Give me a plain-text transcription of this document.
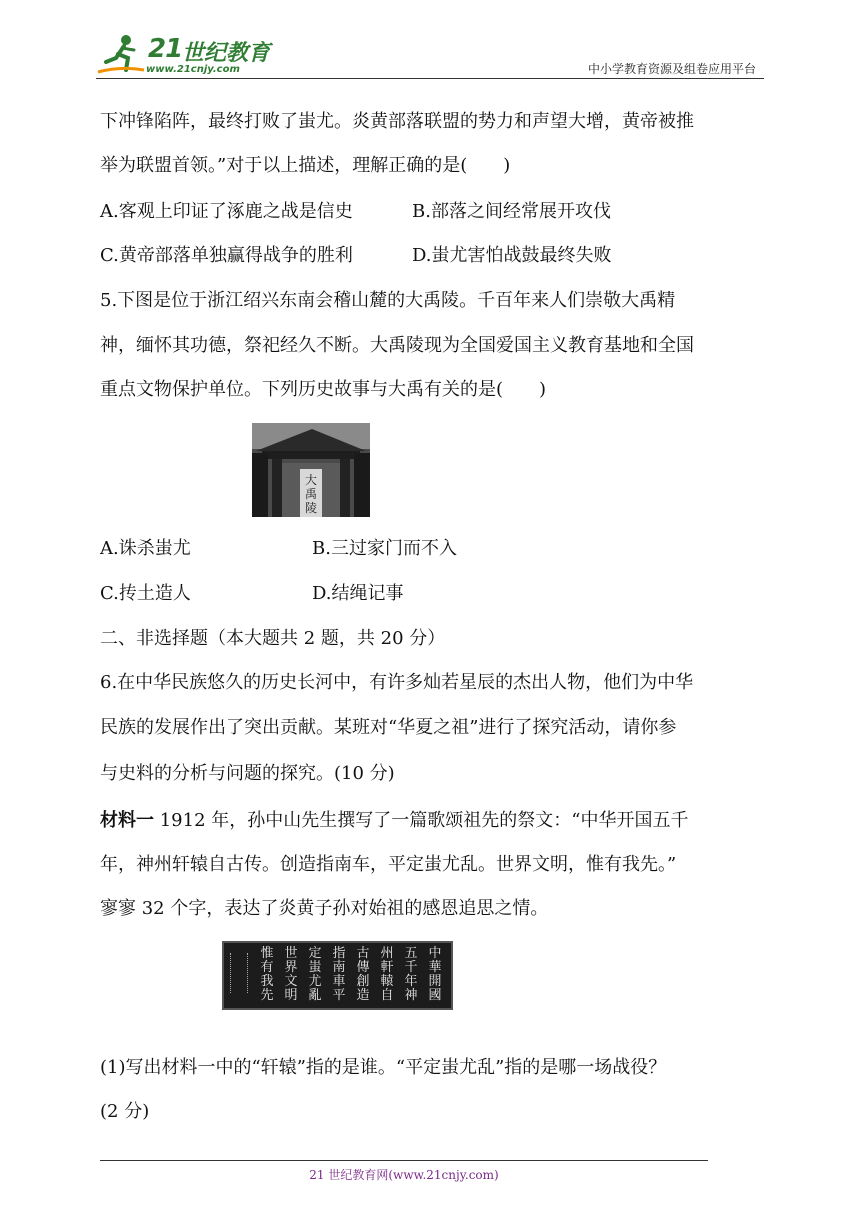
21 世纪教育
www.21cnjy.com	中小学教育资源及组卷应用平台
下冲锋陷阵，最终打败了蚩尤。炎黄部落联盟的势力和声望大增，黄帝被推
举为联盟首领。”对于以上描述，理解正确的是(　　)
A.客观上印证了涿鹿之战是信史	B.部落之间经常展开攻伐
C.黄帝部落单独赢得战争的胜利	D.蚩尤害怕战鼓最终失败
5.下图是位于浙江绍兴东南会稽山麓的大禹陵。千百年来人们崇敬大禹精
神，缅怀其功德，祭祀经久不断。大禹陵现为全国爱国主义教育基地和全国
重点文物保护单位。下列历史故事与大禹有关的是(　　)
大禹陵
A.诛杀蚩尤	B.三过家门而不入
C.抟土造人	D.结绳记事
二、非选择题（本大题共 2 题，共 20 分）
6.在中华民族悠久的历史长河中，有许多灿若星辰的杰出人物，他们为中华
民族的发展作出了突出贡献。某班对“华夏之祖”进行了探究活动，请你参
与史料的分析与问题的探究。(10 分)
材料一 1912 年，孙中山先生撰写了一篇歌颂祖先的祭文：“中华开国五千
年，神州轩辕自古传。创造指南车，平定蚩尤乱。世界文明，惟有我先。”
寥寥 32 个字，表达了炎黄子孙对始祖的感恩追思之情。
中華開國
五千年神
州軒轅自
古傳創造
指南車平
定蚩尤亂
世界文明
惟有我先
(1)写出材料一中的“轩辕”指的是谁。“平定蚩尤乱”指的是哪一场战役？
(2 分)
21 世纪教育网(www.21cnjy.com)
